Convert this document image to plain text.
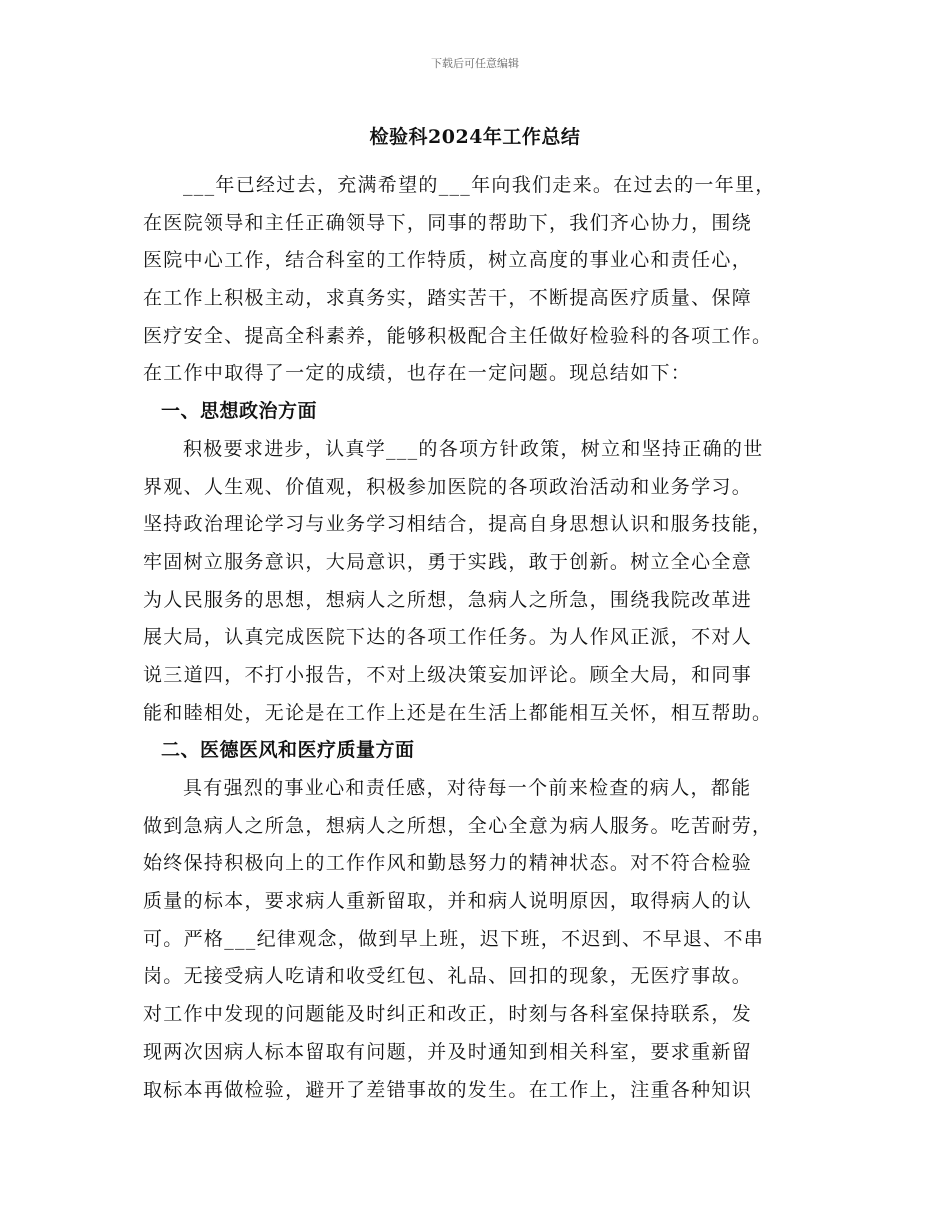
下载后可任意编辑
检验科2024年工作总结
___年已经过去，充满希望的___年向我们走来。在过去的一年里，
在医院领导和主任正确领导下，同事的帮助下，我们齐心协力，围绕
医院中心工作，结合科室的工作特质，树立高度的事业心和责任心，
在工作上积极主动，求真务实，踏实苦干，不断提高医疗质量、保障
医疗安全、提高全科素养，能够积极配合主任做好检验科的各项工作。
在工作中取得了一定的成绩，也存在一定问题。现总结如下：
一、思想政治方面
积极要求进步，认真学___的各项方针政策，树立和坚持正确的世
界观、人生观、价值观，积极参加医院的各项政治活动和业务学习。
坚持政治理论学习与业务学习相结合，提高自身思想认识和服务技能，
牢固树立服务意识，大局意识，勇于实践，敢于创新。树立全心全意
为人民服务的思想，想病人之所想，急病人之所急，围绕我院改革进
展大局，认真完成医院下达的各项工作任务。为人作风正派，不对人
说三道四，不打小报告，不对上级决策妄加评论。顾全大局，和同事
能和睦相处，无论是在工作上还是在生活上都能相互关怀，相互帮助。
二、医德医风和医疗质量方面
具有强烈的事业心和责任感，对待每一个前来检查的病人，都能
做到急病人之所急，想病人之所想，全心全意为病人服务。吃苦耐劳，
始终保持积极向上的工作作风和勤恳努力的精神状态。对不符合检验
质量的标本，要求病人重新留取，并和病人说明原因，取得病人的认
可。严格___纪律观念，做到早上班，迟下班，不迟到、不早退、不串
岗。无接受病人吃请和收受红包、礼品、回扣的现象，无医疗事故。
对工作中发现的问题能及时纠正和改正，时刻与各科室保持联系，发
现两次因病人标本留取有问题，并及时通知到相关科室，要求重新留
取标本再做检验，避开了差错事故的发生。在工作上，注重各种知识
